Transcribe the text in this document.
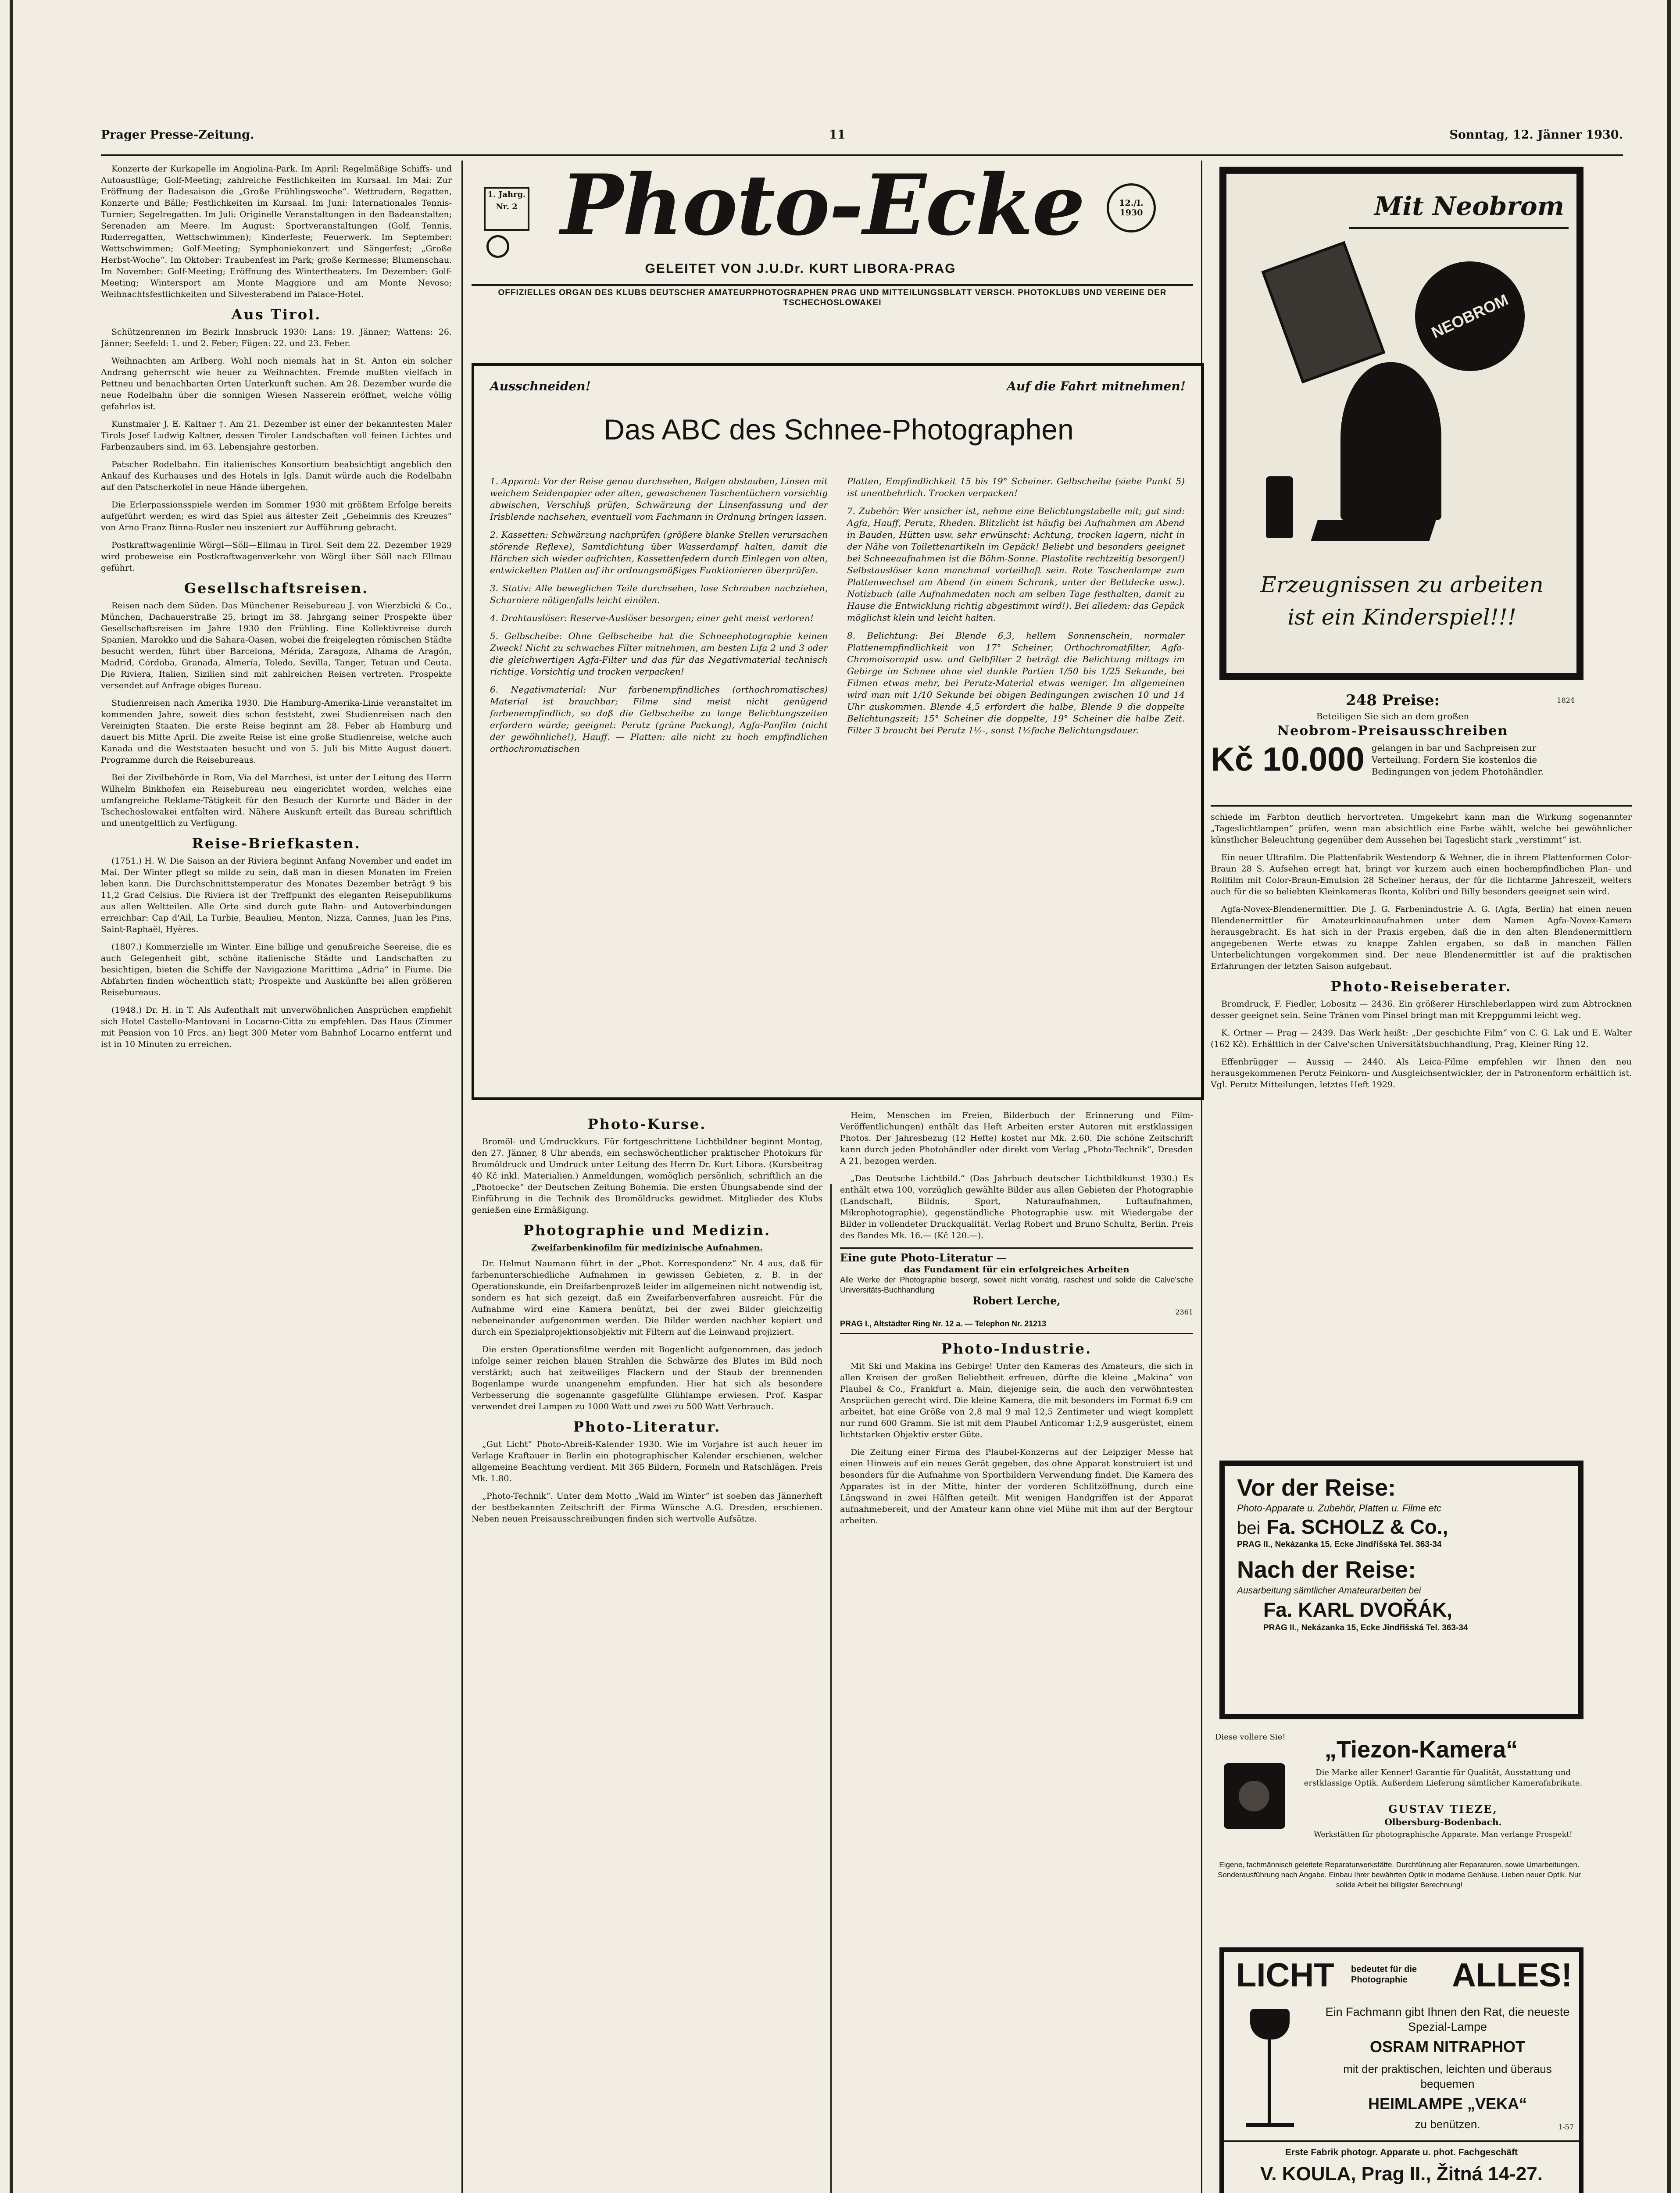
Prager Presse-Zeitung.	11	Sonntag, 12. Jänner 1930.

Konzerte der Kurkapelle im Angiolina-Park. Im April: Regelmäßige Schiffs- und Autoausflüge; Golf-Meeting; zahlreiche Festlichkeiten im Kursaal. Im Mai: Zur Eröffnung der Badesaison die „Große Frühlingswoche“. Wettrudern, Regatten, Konzerte und Bälle; Festlichkeiten im Kursaal. Im Juni: Internationales Tennis-Turnier; Segelregatten. Im Juli: Originelle Veranstaltungen in den Badeanstalten; Serenaden am Meere. Im August: Sportveranstaltungen (Golf, Tennis, Ruderregatten, Wettschwimmen); Kinderfeste; Feuerwerk. Im September: Wettschwimmen; Golf-Meeting; Symphoniekonzert und Sängerfest; „Große Herbst-Woche“. Im Oktober: Traubenfest im Park; große Kermesse; Blumenschau. Im November: Golf-Meeting; Eröffnung des Wintertheaters. Im Dezember: Golf-Meeting; Wintersport am Monte Maggiore und am Monte Nevoso; Weihnachtsfestlichkeiten und Silvesterabend im Palace-Hotel.

Aus Tirol.

Schützenrennen im Bezirk Innsbruck 1930: Lans: 19. Jänner; Wattens: 26. Jänner; Seefeld: 1. und 2. Feber; Fügen: 22. und 23. Feber.

Weihnachten am Arlberg. Wohl noch niemals hat in St. Anton ein solcher Andrang geherrscht wie heuer zu Weihnachten. Fremde mußten vielfach in Pettneu und benachbarten Orten Unterkunft suchen. Am 28. Dezember wurde die neue Rodelbahn über die sonnigen Wiesen Nasserein eröffnet, welche völlig gefahrlos ist.

Kunstmaler J. E. Kaltner †. Am 21. Dezember ist einer der bekanntesten Maler Tirols Josef Ludwig Kaltner, dessen Tiroler Landschaften voll feinen Lichtes und Farbenzaubers sind, im 63. Lebensjahre gestorben.

Patscher Rodelbahn. Ein italienisches Konsortium beabsichtigt angeblich den Ankauf des Kurhauses und des Hotels in Igls. Damit würde auch die Rodelbahn auf den Patscherkofel in neue Hände übergehen.

Die Erlerpassionsspiele werden im Sommer 1930 mit größtem Erfolge bereits aufgeführt werden; es wird das Spiel aus ältester Zeit „Geheimnis des Kreuzes“ von Arno Franz Binna-Rusler neu inszeniert zur Aufführung gebracht.

Postkraftwagenlinie Wörgl—Söll—Ellmau in Tirol. Seit dem 22. Dezember 1929 wird probeweise ein Postkraftwagenverkehr von Wörgl über Söll nach Ellmau geführt.

Gesellschaftsreisen.

Reisen nach dem Süden. Das Münchener Reisebureau J. von Wierzbicki & Co., München, Dachauerstraße 25, bringt im 38. Jahrgang seiner Prospekte über Gesellschaftsreisen im Jahre 1930 den Frühling. Eine Kollektivreise durch Spanien, Marokko und die Sahara-Oasen, wobei die freigelegten römischen Städte besucht werden, führt über Barcelona, Mérida, Zaragoza, Alhama de Aragón, Madrid, Córdoba, Granada, Almería, Toledo, Sevilla, Tanger, Tetuan und Ceuta. Die Riviera, Italien, Sizilien sind mit zahlreichen Reisen vertreten. Prospekte versendet auf Anfrage obiges Bureau.

Studienreisen nach Amerika 1930. Die Hamburg-Amerika-Linie veranstaltet im kommenden Jahre, soweit dies schon feststeht, zwei Studienreisen nach den Vereinigten Staaten. Die erste Reise beginnt am 28. Feber ab Hamburg und dauert bis Mitte April. Die zweite Reise ist eine große Studienreise, welche auch Kanada und die Weststaaten besucht und von 5. Juli bis Mitte August dauert. Programme durch die Reisebureaus.

Bei der Zivilbehörde in Rom, Via del Marchesi, ist unter der Leitung des Herrn Wilhelm Binkhofen ein Reisebureau neu eingerichtet worden, welches eine umfangreiche Reklame-Tätigkeit für den Besuch der Kurorte und Bäder in der Tschechoslowakei entfalten wird. Nähere Auskunft erteilt das Bureau schriftlich und unentgeltlich zu Verfügung.

Reise-Briefkasten.

(1751.) H. W. Die Saison an der Riviera beginnt Anfang November und endet im Mai. Der Winter pflegt so milde zu sein, daß man in diesen Monaten im Freien leben kann. Die Durchschnittstemperatur des Monates Dezember beträgt 9 bis 11,2 Grad Celsius. Die Riviera ist der Treffpunkt des eleganten Reisepublikums aus allen Weltteilen. Alle Orte sind durch gute Bahn- und Autoverbindungen erreichbar: Cap d'Ail, La Turbie, Beaulieu, Menton, Nizza, Cannes, Juan les Pins, Saint-Raphaël, Hyères.

(1807.) Kommerzielle im Winter. Eine billige und genußreiche Seereise, die es auch Gelegenheit gibt, schöne italienische Städte und Landschaften zu besichtigen, bieten die Schiffe der Navigazione Marittima „Adria“ in Fiume. Die Abfahrten finden wöchentlich statt; Prospekte und Auskünfte bei allen größeren Reisebureaus.

(1948.) Dr. H. in T. Als Aufenthalt mit unverwöhnlichen Ansprüchen empfiehlt sich Hotel Castello-Mantovani in Locarno-Citta zu empfehlen. Das Haus (Zimmer mit Pension von 10 Frcs. an) liegt 300 Meter vom Bahnhof Locarno entfernt und ist in 10 Minuten zu erreichen.

1. Jahrg.
Nr. 2 Photo-Ecke	12./I. 1930
GELEITET VON J.U.Dr. KURT LIBORA-PRAG
OFFIZIELLES ORGAN DES KLUBS DEUTSCHER AMATEURPHOTOGRAPHEN PRAG UND MITTEILUNGSBLATT VERSCH. PHOTOKLUBS UND VEREINE DER TSCHECHOSLOWAKEI
Ausschneiden!	Auf die Fahrt mitnehmen!
Das ABC des Schnee-Photographen

1. Apparat: Vor der Reise genau durchsehen, Balgen abstauben, Linsen mit weichem Seidenpapier oder alten, gewaschenen Taschentüchern vorsichtig abwischen, Verschluß prüfen, Schwärzung der Linsenfassung und der Irisblende nachsehen, eventuell vom Fachmann in Ordnung bringen lassen.

2. Kassetten: Schwärzung nachprüfen (größere blanke Stellen verursachen störende Reflexe), Samtdichtung über Wasserdampf halten, damit die Härchen sich wieder aufrichten, Kassettenfedern durch Einlegen von alten, entwickelten Platten auf ihr ordnungsmäßiges Funktionieren überprüfen.

3. Stativ: Alle beweglichen Teile durchsehen, lose Schrauben nachziehen, Scharniere nötigenfalls leicht einölen.

4. Drahtauslöser: Reserve-Auslöser besorgen; einer geht meist verloren!

5. Gelbscheibe: Ohne Gelbscheibe hat die Schneephotographie keinen Zweck! Nicht zu schwaches Filter mitnehmen, am besten Lifa 2 und 3 oder die gleichwertigen Agfa-Filter und das für das Negativmaterial technisch richtige. Vorsichtig und trocken verpacken!

6. Negativmaterial: Nur farbenempfindliches (orthochromatisches) Material ist brauchbar; Filme sind meist nicht genügend farbenempfindlich, so daß die Gelbscheibe zu lange Belichtungszeiten erfordern würde; geeignet: Perutz (grüne Packung), Agfa-Panfilm (nicht der gewöhnliche!), Hauff. — Platten: alle nicht zu hoch empfindlichen orthochromatischen

Platten, Empfindlichkeit 15 bis 19° Scheiner. Gelbscheibe (siehe Punkt 5) ist unentbehrlich. Trocken verpacken!

7. Zubehör: Wer unsicher ist, nehme eine Belichtungstabelle mit; gut sind: Agfa, Hauff, Perutz, Rheden. Blitzlicht ist häufig bei Aufnahmen am Abend in Bauden, Hütten usw. sehr erwünscht: Achtung, trocken lagern, nicht in der Nähe von Toilettenartikeln im Gepäck! Beliebt und besonders geeignet bei Schneeaufnahmen ist die Böhm-Sonne. Plastolite rechtzeitig besorgen!) Selbstauslöser kann manchmal vorteilhaft sein. Rote Taschenlampe zum Plattenwechsel am Abend (in einem Schrank, unter der Bettdecke usw.). Notizbuch (alle Aufnahmedaten noch am selben Tage festhalten, damit zu Hause die Entwicklung richtig abgestimmt wird!). Bei alledem: das Gepäck möglichst klein und leicht halten.

8. Belichtung: Bei Blende 6,3, hellem Sonnenschein, normaler Plattenempfindlichkeit von 17° Scheiner, Orthochromatfilter, Agfa-Chromoisorapid usw. und Gelbfilter 2 beträgt die Belichtung mittags im Gebirge im Schnee ohne viel dunkle Partien 1/50 bis 1/25 Sekunde, bei Filmen etwas mehr, bei Perutz-Material etwas weniger. Im allgemeinen wird man mit 1/10 Sekunde bei obigen Bedingungen zwischen 10 und 14 Uhr auskommen. Blende 4,5 erfordert die halbe, Blende 9 die doppelte Belichtungszeit; 15° Scheiner die doppelte, 19° Scheiner die halbe Zeit. Filter 3 braucht bei Perutz 1½-, sonst 1½fache Belichtungsdauer.

Photo-Kurse.

Bromöl- und Umdruckkurs. Für fortgeschrittene Lichtbildner beginnt Montag, den 27. Jänner, 8 Uhr abends, ein sechswöchentlicher praktischer Photokurs für Bromöldruck und Umdruck unter Leitung des Herrn Dr. Kurt Libora. (Kursbeitrag 40 Kč inkl. Materialien.) Anmeldungen, womöglich persönlich, schriftlich an die „Photoecke“ der Deutschen Zeitung Bohemia. Die ersten Übungsabende sind der Einführung in die Technik des Bromöldrucks gewidmet. Mitglieder des Klubs genießen eine Ermäßigung.

Photographie und Medizin.
Zweifarbenkinofilm für medizinische Aufnahmen.

Dr. Helmut Naumann führt in der „Phot. Korrespondenz“ Nr. 4 aus, daß für farbenunterschiedliche Aufnahmen in gewissen Gebieten, z. B. in der Operationskunde, ein Dreifarbenprozeß leider im allgemeinen nicht notwendig ist, sondern es hat sich gezeigt, daß ein Zweifarbenverfahren ausreicht. Für die Aufnahme wird eine Kamera benützt, bei der zwei Bilder gleichzeitig nebeneinander aufgenommen werden. Die Bilder werden nachher kopiert und durch ein Spezialprojektionsobjektiv mit Filtern auf die Leinwand projiziert.

Die ersten Operationsfilme werden mit Bogenlicht aufgenommen, das jedoch infolge seiner reichen blauen Strahlen die Schwärze des Blutes im Bild noch verstärkt; auch hat zeitweiliges Flackern und der Staub der brennenden Bogenlampe wurde unangenehm empfunden. Hier hat sich als besondere Verbesserung die sogenannte gasgefüllte Glühlampe erwiesen. Prof. Kaspar verwendet drei Lampen zu 1000 Watt und zwei zu 500 Watt Verbrauch.

Photo-Literatur.

„Gut Licht“ Photo-Abreiß-Kalender 1930. Wie im Vorjahre ist auch heuer im Verlage Kraftauer in Berlin ein photographischer Kalender erschienen, welcher allgemeine Beachtung verdient. Mit 365 Bildern, Formeln und Ratschlägen. Preis Mk. 1.80.

„Photo-Technik“. Unter dem Motto „Wald im Winter“ ist soeben das Jännerheft der bestbekannten Zeitschrift der Firma Wünsche A.G. Dresden, erschienen. Neben neuen Preisausschreibungen finden sich wertvolle Aufsätze.

Heim, Menschen im Freien, Bilderbuch der Erinnerung und Film-Veröffentlichungen) enthält das Heft Arbeiten erster Autoren mit erstklassigen Photos. Der Jahresbezug (12 Hefte) kostet nur Mk. 2.60. Die schöne Zeitschrift kann durch jeden Photohändler oder direkt vom Verlag „Photo-Technik“, Dresden A 21, bezogen werden.

„Das Deutsche Lichtbild.“ (Das Jahrbuch deutscher Lichtbildkunst 1930.) Es enthält etwa 100, vorzüglich gewählte Bilder aus allen Gebieten der Photographie (Landschaft, Bildnis, Sport, Naturaufnahmen, Luftaufnahmen, Mikrophotographie), gegenständliche Photographie usw. mit Wiedergabe der Bilder in vollendeter Druckqualität. Verlag Robert und Bruno Schultz, Berlin. Preis des Bandes Mk. 16.— (Kč 120.—).

Eine gute Photo-Literatur —
das Fundament für ein erfolgreiches Arbeiten
Alle Werke der Photographie besorgt, soweit nicht vorrätig, raschest und solide die Calve'sche Universitäts-Buchhandlung
Robert Lerche,
2361
PRAG I., Altstädter Ring Nr. 12 a. — Telephon Nr. 21213
Photo-Industrie.

Mit Ski und Makina ins Gebirge! Unter den Kameras des Amateurs, die sich in allen Kreisen der großen Beliebtheit erfreuen, dürfte die kleine „Makina“ von Plaubel & Co., Frankfurt a. Main, diejenige sein, die auch den verwöhntesten Ansprüchen gerecht wird. Die kleine Kamera, die mit besonders im Format 6:9 cm arbeitet, hat eine Größe von 2,8 mal 9 mal 12,5 Zentimeter und wiegt komplett nur rund 600 Gramm. Sie ist mit dem Plaubel Anticomar 1:2,9 ausgerüstet, einem lichtstarken Objektiv erster Güte.

Die Zeitung einer Firma des Plaubel-Konzerns auf der Leipziger Messe hat einen Hinweis auf ein neues Gerät gegeben, das ohne Apparat konstruiert ist und besonders für die Aufnahme von Sportbildern Verwendung findet. Die Kamera des Apparates ist in der Mitte, hinter der vorderen Schlitzöffnung, durch eine Längswand in zwei Hälften geteilt. Mit wenigen Handgriffen ist der Apparat aufnahmebereit, und der Amateur kann ohne viel Mühe mit ihm auf der Bergtour arbeiten.

Mit Neobrom
NEOBROM
Erzeugnissen zu arbeiten ist ein Kinderspiel!!!
248 Preise:	1824
Beteiligen Sie sich an dem großen
Neobrom-Preisausschreiben
Kč 10.000 gelangen in bar und Sachpreisen zur Verteilung. Fordern Sie kostenlos die Bedingungen von jedem Photohändler.

schiede im Farbton deutlich hervortreten. Umgekehrt kann man die Wirkung sogenannter „Tageslichtlampen“ prüfen, wenn man absichtlich eine Farbe wählt, welche bei gewöhnlicher künstlicher Beleuchtung gegenüber dem Aussehen bei Tageslicht stark „verstimmt“ ist.

Ein neuer Ultrafilm. Die Plattenfabrik Westendorp & Wehner, die in ihrem Plattenformen Color-Braun 28 S. Aufsehen erregt hat, bringt vor kurzem auch einen hochempfindlichen Plan- und Rollfilm mit Color-Braun-Emulsion 28 Scheiner heraus, der für die lichtarme Jahreszeit, weiters auch für die so beliebten Kleinkameras Ikonta, Kolibri und Billy besonders geeignet sein wird.

Agfa-Novex-Blendenermittler. Die J. G. Farbenindustrie A. G. (Agfa, Berlin) hat einen neuen Blendenermittler für Amateurkinoaufnahmen unter dem Namen Agfa-Novex-Kamera herausgebracht. Es hat sich in der Praxis ergeben, daß die in den alten Blendenermittlern angegebenen Werte etwas zu knappe Zahlen ergaben, so daß in manchen Fällen Unterbelichtungen vorgekommen sind. Der neue Blendenermittler ist auf die praktischen Erfahrungen der letzten Saison aufgebaut.

Photo-Reiseberater.

Bromdruck, F. Fiedler, Lobositz — 2436. Ein größerer Hirschleberlappen wird zum Abtrocknen desser geeignet sein. Seine Tränen vom Pinsel bringt man mit Kreppgummi leicht weg.

K. Ortner — Prag — 2439. Das Werk heißt: „Der geschichte Film“ von C. G. Lak und E. Walter (162 Kč). Erhältlich in der Calve'schen Universitätsbuchhandlung, Prag, Kleiner Ring 12.

Effenbrügger — Aussig — 2440. Als Leica-Filme empfehlen wir Ihnen den neu herausgekommenen Perutz Feinkorn- und Ausgleichsentwickler, der in Patronenform erhältlich ist. Vgl. Perutz Mitteilungen, letztes Heft 1929.

Vor der Reise:
Photo-Apparate u. Zubehör, Platten u. Filme etc
bei Fa. SCHOLZ & Co.,
PRAG II., Nekázanka 15, Ecke Jindřišská Tel. 363-34
Nach der Reise:
Ausarbeitung sämtlicher Amateurarbeiten bei
Fa. KARL DVOŘÁK,
PRAG II., Nekázanka 15, Ecke Jindřišská Tel. 363-34
Diese vollere Sie! „Tiezon-Kamera“
Die Marke aller Kenner! Garantie für Qualität, Ausstattung und erstklassige Optik. Außerdem Lieferung sämtlicher Kamerafabrikate.
GUSTAV TIEZE,
Olbersburg-Bodenbach.
Werkstätten für photographische Apparate. Man verlange Prospekt!
Eigene, fachmännisch geleitete Reparaturwerkstätte. Durchführung aller Reparaturen, sowie Umarbeitungen. Sonderausführung nach Angabe. Einbau Ihrer bewährten Optik in moderne Gehäuse. Lieben neuer Optik. Nur solide Arbeit bei billigster Berechnung!
LICHT bedeutet für die Photographie	ALLES!
Ein Fachmann gibt Ihnen den Rat, die neueste Spezial-Lampe
OSRAM NITRAPHOT
mit der praktischen, leichten und überaus bequemen
HEIMLAMPE „VEKA“
zu benützen.	1-57
Erste Fabrik photogr. Apparate u. phot. Fachgeschäft
V. KOULA, Prag II., Žitná 14-27.
